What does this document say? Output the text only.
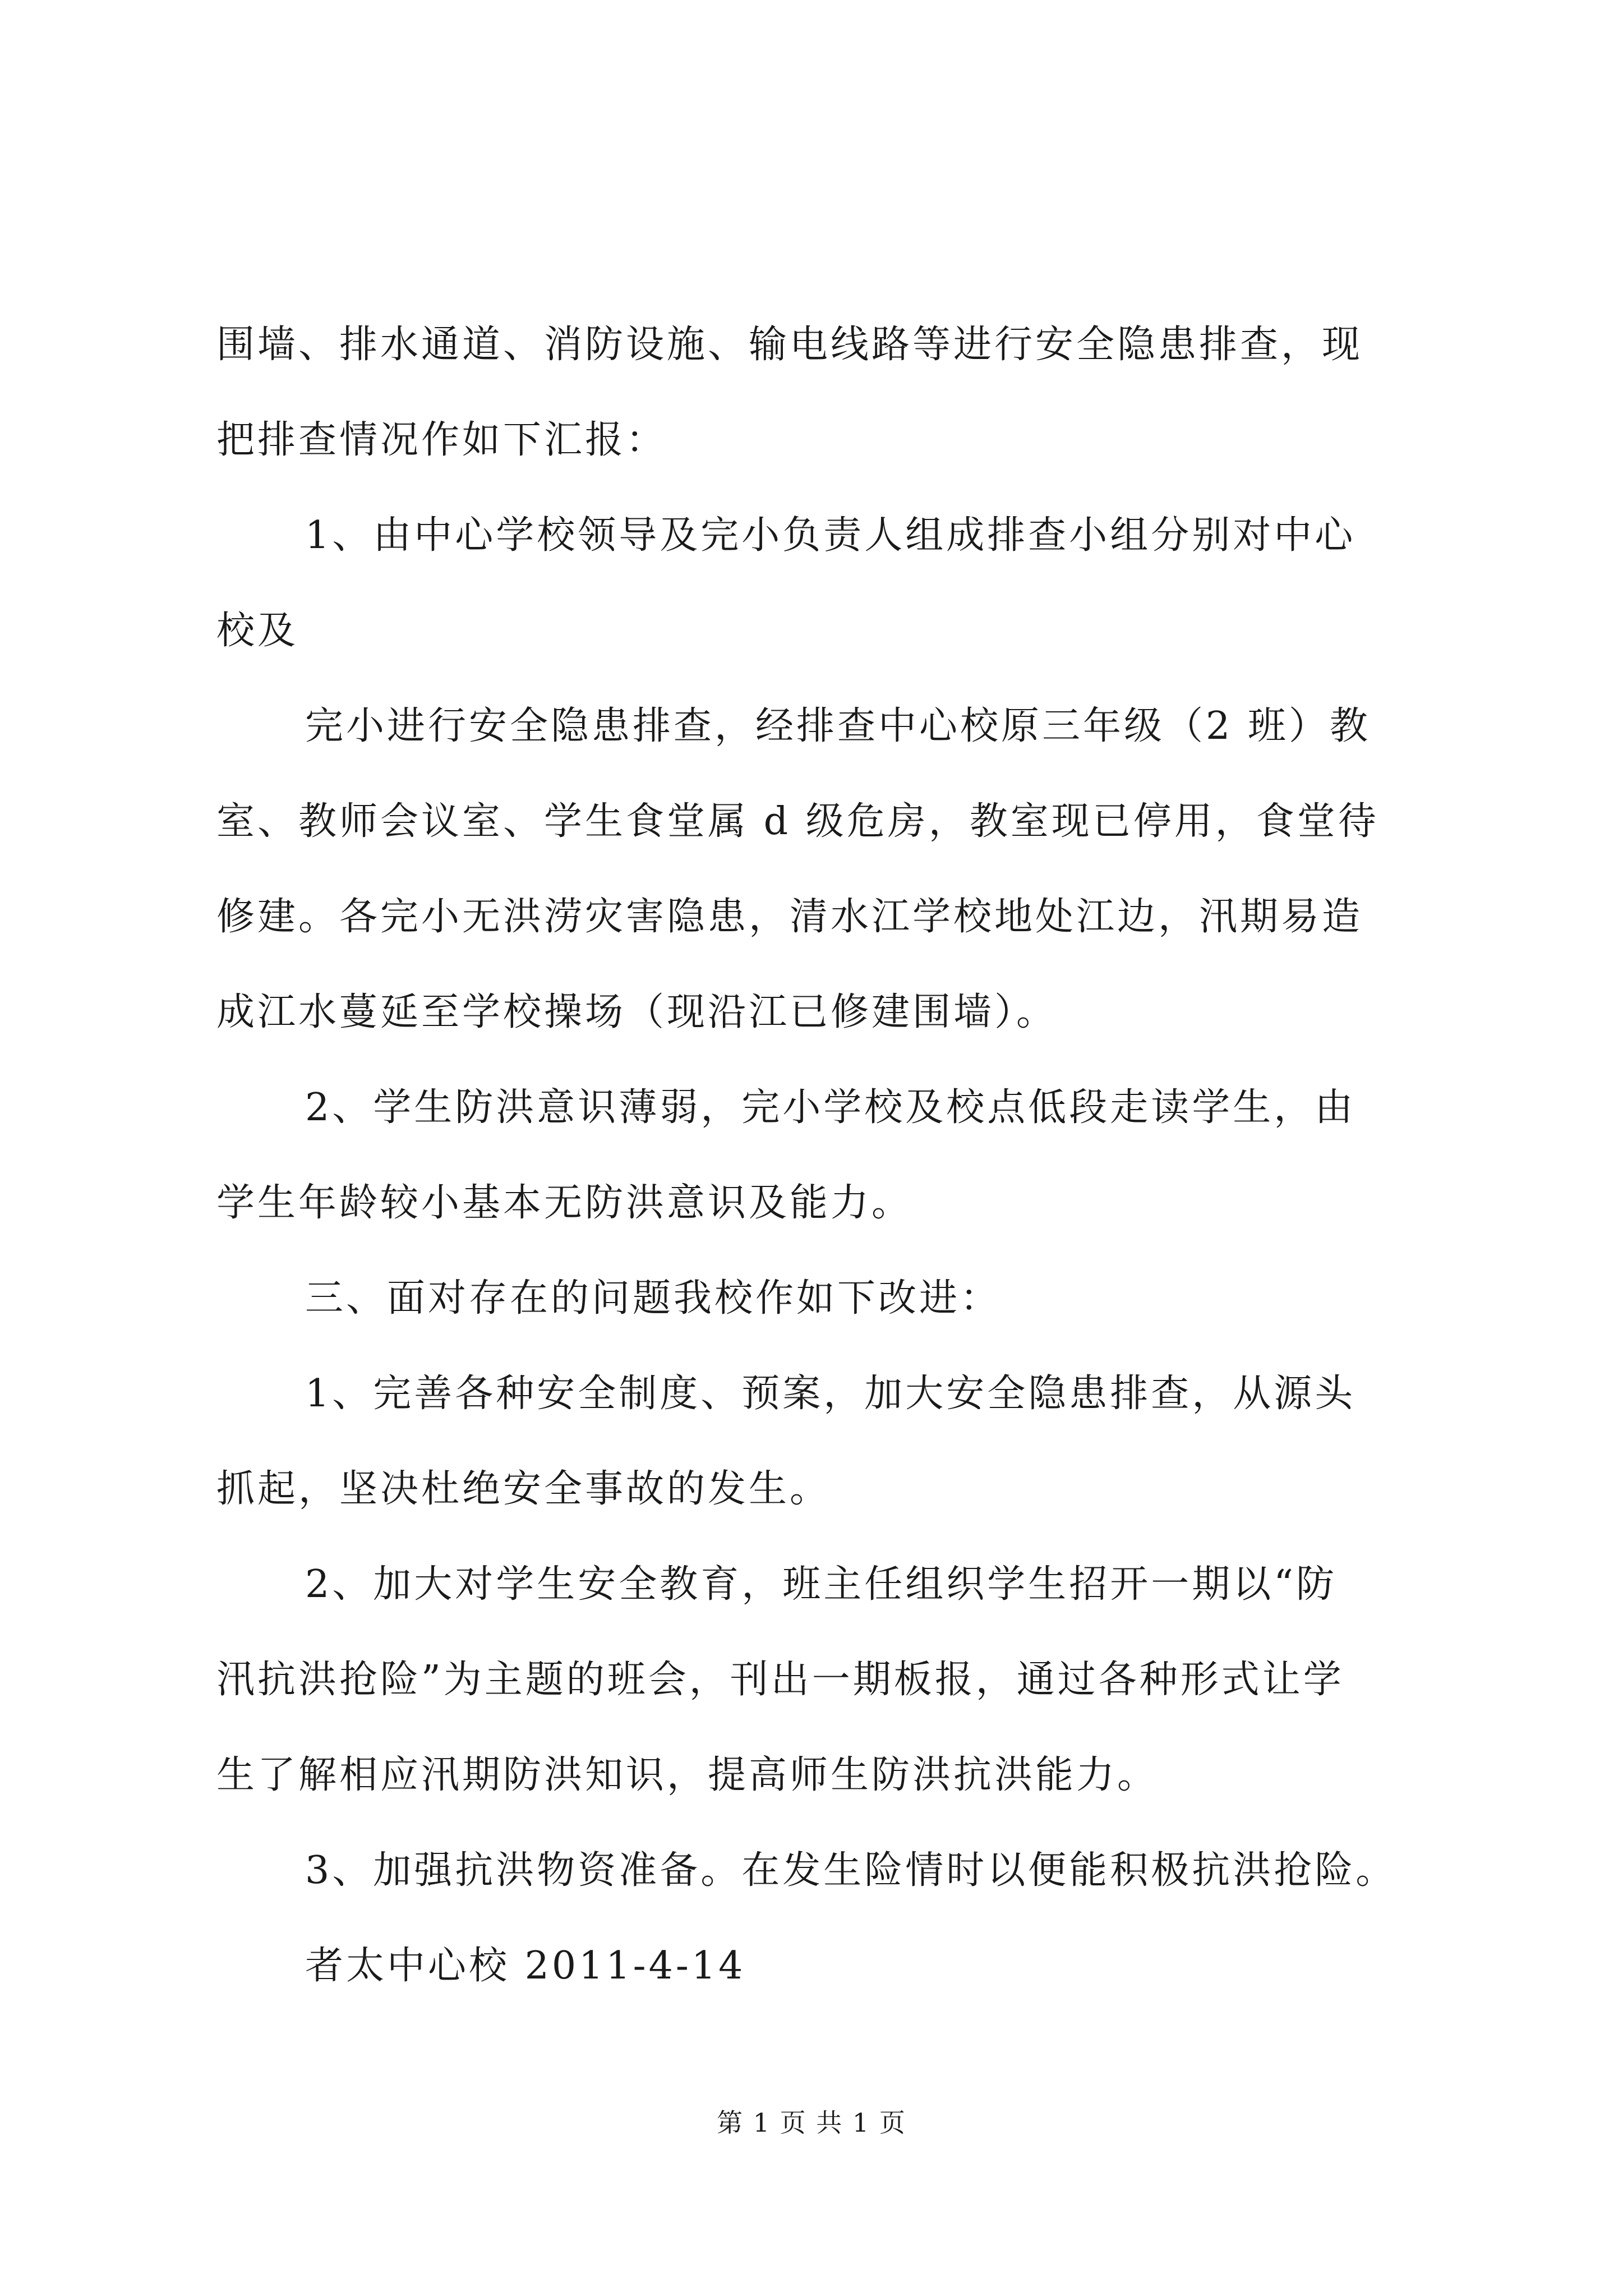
围墙、排水通道、消防设施、输电线路等进行安全隐患排查，现
把排查情况作如下汇报：
1、由中心学校领导及完小负责人组成排查小组分别对中心
校及
完小进行安全隐患排查，经排查中心校原三年级（2 班）教
室、教师会议室、学生食堂属 d 级危房，教室现已停用，食堂待
修建。各完小无洪涝灾害隐患，清水江学校地处江边，汛期易造
成江水蔓延至学校操场（现沿江已修建围墙）。
2、学生防洪意识薄弱，完小学校及校点低段走读学生，由
学生年龄较小基本无防洪意识及能力。
三、面对存在的问题我校作如下改进：
1、完善各种安全制度、预案，加大安全隐患排查，从源头
抓起，坚决杜绝安全事故的发生。
2、加大对学生安全教育，班主任组织学生招开一期以“防
汛抗洪抢险”为主题的班会，刊出一期板报，通过各种形式让学
生了解相应汛期防洪知识，提高师生防洪抗洪能力。
3、加强抗洪物资准备。在发生险情时以便能积极抗洪抢险。
者太中心校 2011-4-14
第 1 页 共 1 页
